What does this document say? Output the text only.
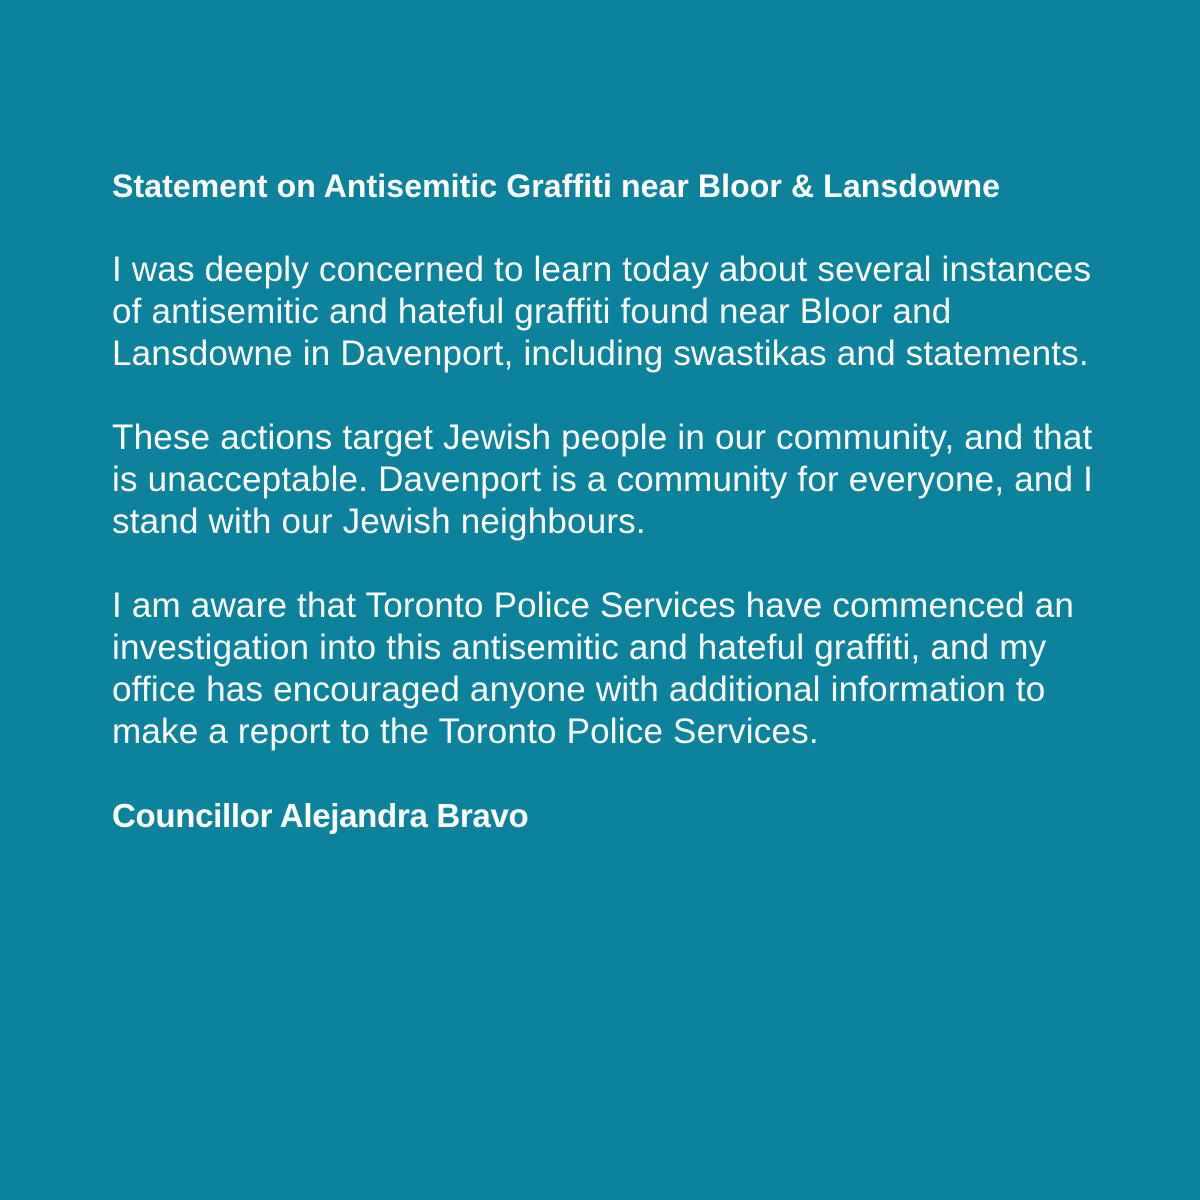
Statement on Antisemitic Graffiti near Bloor & Lansdowne

I was deeply concerned to learn today about several instances of antisemitic and hateful graffiti found near Bloor and Lansdowne in Davenport, including swastikas and statements.

These actions target Jewish people in our community, and that is unacceptable. Davenport is a community for everyone, and I stand with our Jewish neighbours.

I am aware that Toronto Police Services have commenced an investigation into this antisemitic and hateful graffiti, and my office has encouraged anyone with additional information to make a report to the Toronto Police Services.

Councillor Alejandra Bravo
